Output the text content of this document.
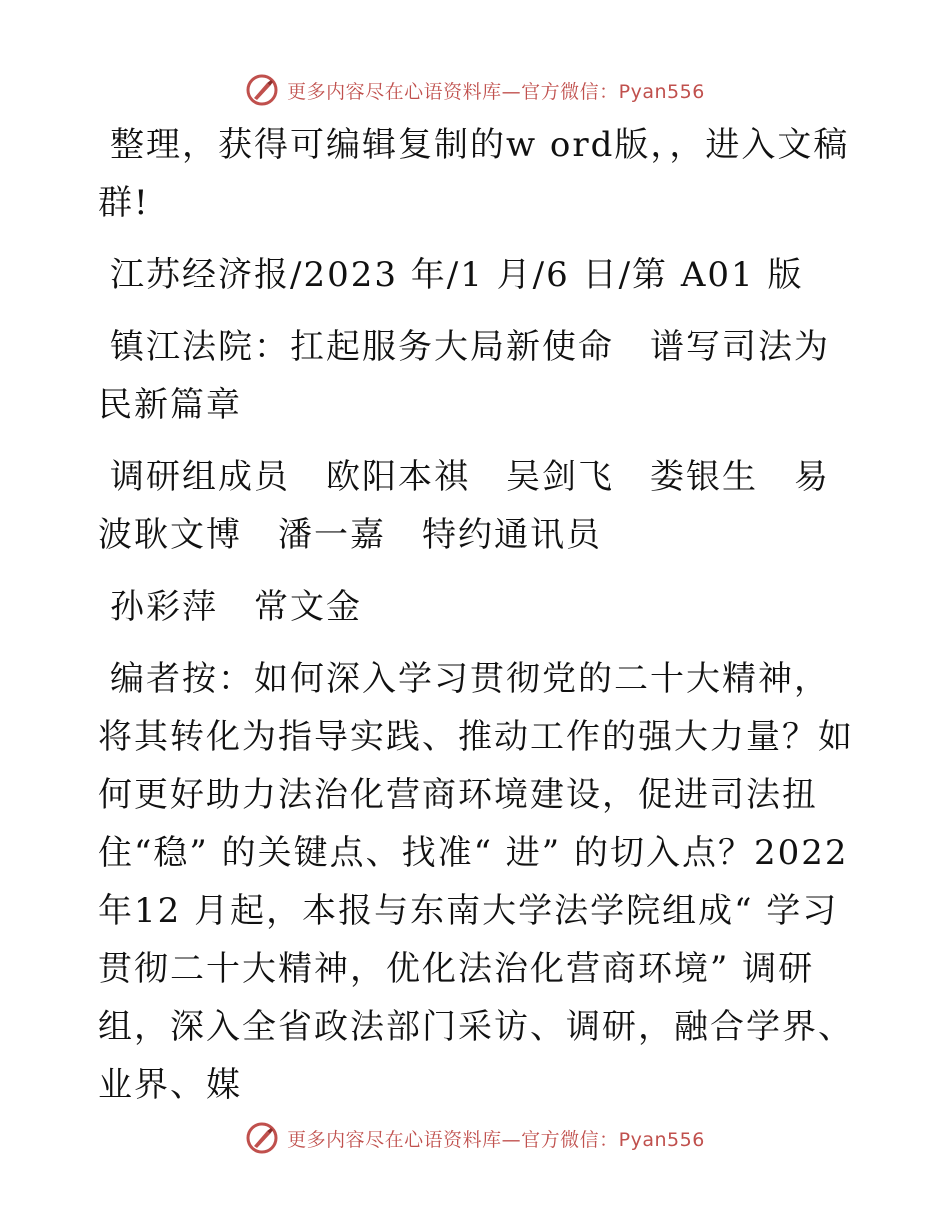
更多内容尽在心语资料库—官方微信：Pyan556

整理，获得可编辑复制的w ord版，，进入文稿群!

江苏经济报/2023 年/1 月/6 日/第 A01 版

镇江法院：扛起服务大局新使命　谱写司法为民新篇章

调研组成员　欧阳本祺　吴剑飞　娄银生　易波耿文博　潘一嘉　特约通讯员

孙彩萍　常文金

编者按：如何深入学习贯彻党的二十大精神，将其转化为指导实践、推动工作的强大力量？如何更好助力法治化营商环境建设，促进司法扭住“稳” 的关键点、找准“ 进” 的切入点？2022 年12 月起，本报与东南大学法学院组成“ 学习贯彻二十大精神，优化法治化营商环境” 调研组，深入全省政法部门采访、调研，融合学界、业界、媒

更多内容尽在心语资料库—官方微信：Pyan556
